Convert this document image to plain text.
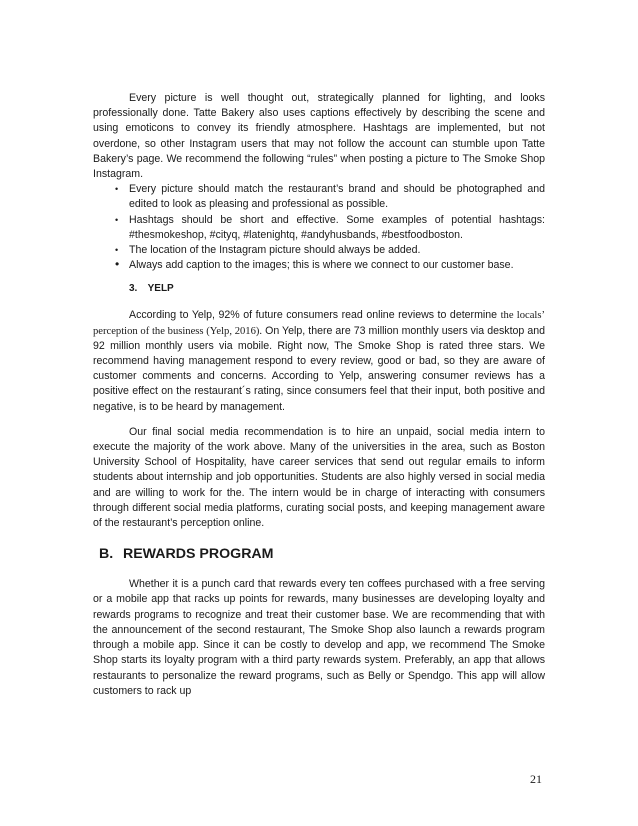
Every picture is well thought out, strategically planned for lighting, and looks professionally done. Tatte Bakery also uses captions effectively by describing the scene and using emoticons to convey its friendly atmosphere. Hashtags are implemented, but not overdone, so other Instagram users that may not follow the account can stumble upon Tatte Bakery’s page. We recommend the following “rules” when posting a picture to The Smoke Shop Instagram.

• Every picture should match the restaurant’s brand and should be photographed and edited to look as pleasing and professional as possible.
• Hashtags should be short and effective. Some examples of potential hashtags: #thesmokeshop, #cityq, #latenightq, #andyhusbands, #bestfoodboston.
• The location of the Instagram picture should always be added.
• Always add caption to the images; this is where we connect to our customer base.
3. YELP

According to Yelp, 92% of future consumers read online reviews to determine the locals’ perception of the business (Yelp, 2016). On Yelp, there are 73 million monthly users via desktop and 92 million monthly users via mobile. Right now, The Smoke Shop is rated three stars. We recommend having management respond to every review, good or bad, so they are aware of customer comments and concerns. According to Yelp, answering consumer reviews has a positive effect on the restaurant´s rating, since consumers feel that their input, both positive and negative, is to be heard by management.

Our final social media recommendation is to hire an unpaid, social media intern to execute the majority of the work above. Many of the universities in the area, such as Boston University School of Hospitality, have career services that send out regular emails to inform students about internship and job opportunities. Students are also highly versed in social media and are willing to work for the. The intern would be in charge of interacting with consumers through different social media platforms, curating social posts, and keeping management aware of the restaurant’s perception online.

B. REWARDS PROGRAM

Whether it is a punch card that rewards every ten coffees purchased with a free serving or a mobile app that racks up points for rewards, many businesses are developing loyalty and rewards programs to recognize and treat their customer base. We are recommending that with the announcement of the second restaurant, The Smoke Shop also launch a rewards program through a mobile app. Since it can be costly to develop and app, we recommend The Smoke Shop starts its loyalty program with a third party rewards system. Preferably, an app that allows restaurants to personalize the reward programs, such as Belly or Spendgo. This app will allow customers to rack up

21
